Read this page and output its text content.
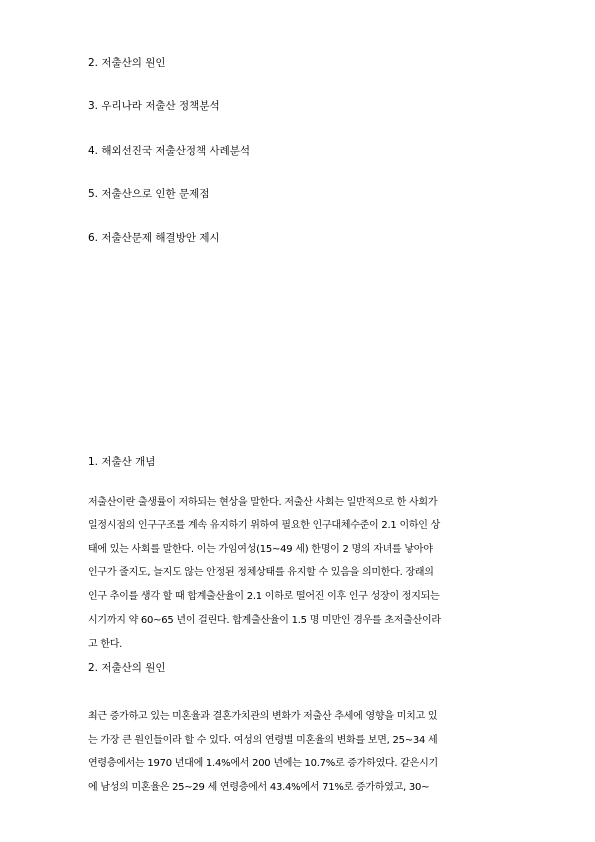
2. 저출산의 원인
3. 우리나라 저출산 정책분석
4. 해외선진국 저출산정책 사례분석
5. 저출산으로 인한 문제점
6. 저출산문제 해결방안 제시
1. 저출산 개념
저출산이란 출생률이 저하되는 현상을 말한다. 저출산 사회는 일반적으로 한 사회가
일정시점의 인구구조를 계속 유지하기 위하여 필요한 인구대체수준이 2.1 이하인 상
태에 있는 사회를 말한다. 이는 가임여성(15~49 세) 한명이 2 명의 자녀를 낳아야
인구가 줄지도, 늘지도 않는 안정된 정체상태를 유지할 수 있음을 의미한다. 장래의
인구 추이를 생각 할 때 합계출산율이 2.1 이하로 떨어진 이후 인구 성장이 정지되는
시기까지 약 60~65 년이 걸린다. 합계출산율이 1.5 명 미만인 경우를 초저출산이라
고 한다.
2. 저출산의 원인
최근 증가하고 있는 미혼율과 결혼가치관의 변화가 저출산 추세에 영향을 미치고 있
는 가장 큰 원인들이라 할 수 있다. 여성의 연령별 미혼율의 변화를 보면, 25~34 세
연령층에서는 1970 년대에 1.4%에서 200 년에는 10.7%로 증가하였다. 같은시기
에 남성의 미혼율은 25~29 세 연령층에서 43.4%에서 71%로 증가하였고, 30~
